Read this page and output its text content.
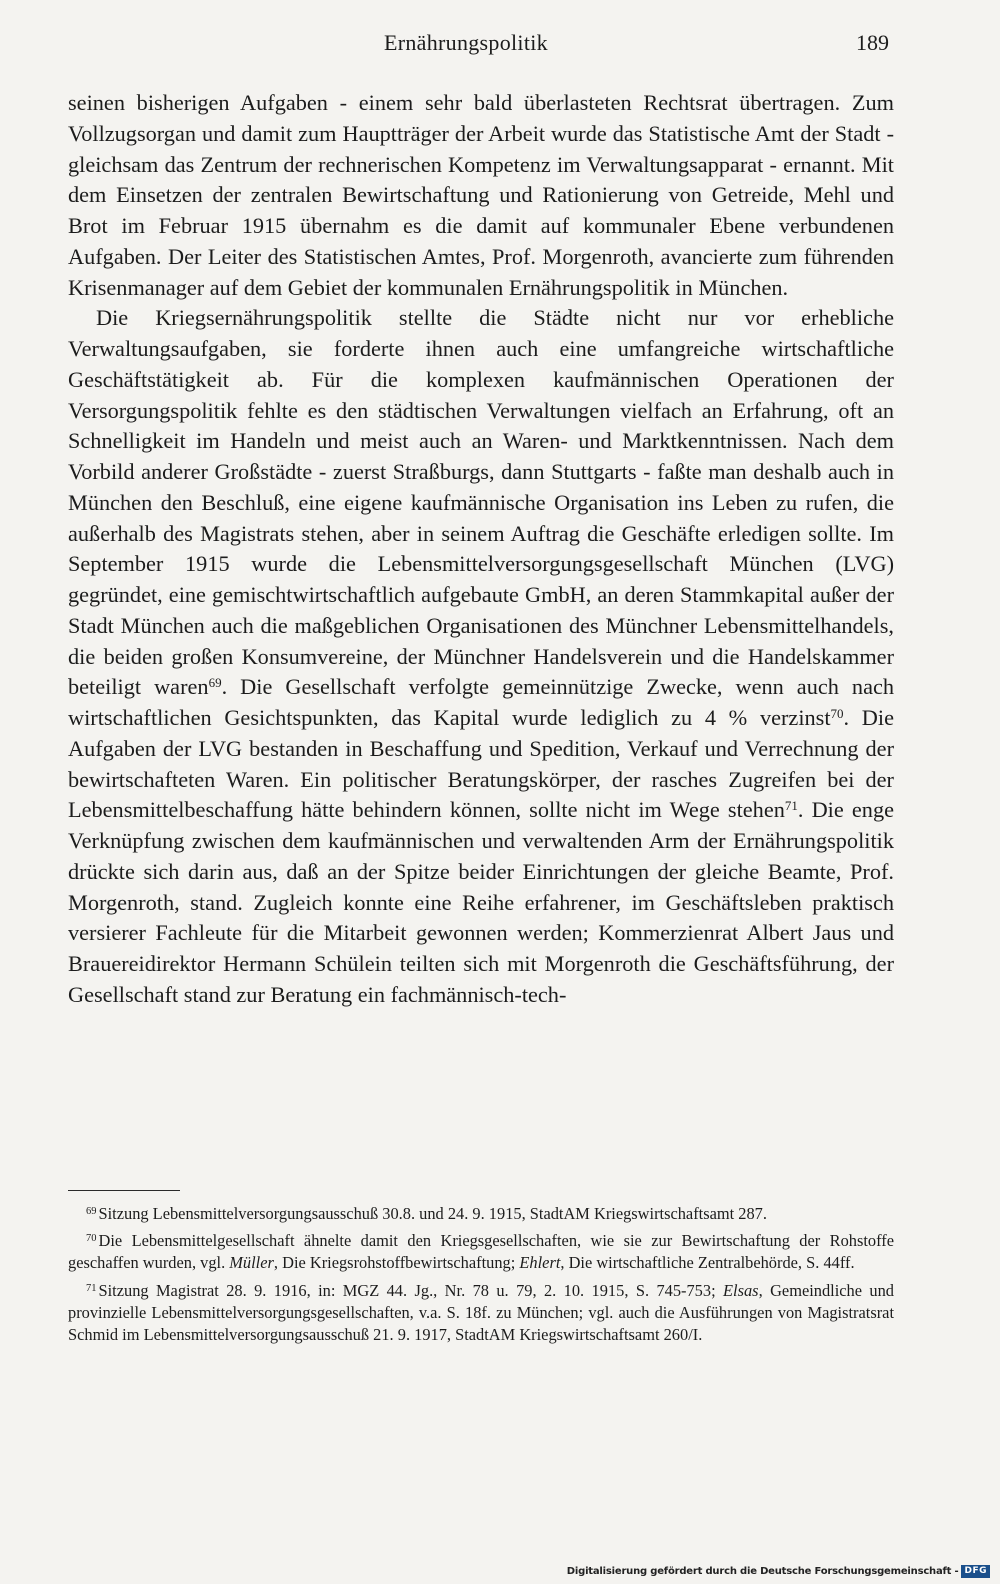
Ernährungspolitik	189

seinen bisherigen Aufgaben - einem sehr bald überlasteten Rechtsrat übertragen. Zum Vollzugsorgan und damit zum Hauptträger der Arbeit wurde das Statistische Amt der Stadt - gleichsam das Zentrum der rechnerischen Kompetenz im Verwaltungsapparat - ernannt. Mit dem Einsetzen der zentralen Bewirtschaftung und Rationierung von Getreide, Mehl und Brot im Februar 1915 übernahm es die damit auf kommunaler Ebene verbundenen Aufgaben. Der Leiter des Statistischen Amtes, Prof. Morgenroth, avancierte zum führenden Krisenmanager auf dem Gebiet der kommunalen Ernährungspolitik in München.

Die Kriegsernährungspolitik stellte die Städte nicht nur vor erhebliche Verwaltungsaufgaben, sie forderte ihnen auch eine umfangreiche wirtschaftliche Geschäftstätigkeit ab. Für die komplexen kaufmännischen Operationen der Versorgungspolitik fehlte es den städtischen Verwaltungen vielfach an Erfahrung, oft an Schnelligkeit im Handeln und meist auch an Waren- und Marktkenntnissen. Nach dem Vorbild anderer Großstädte - zuerst Straßburgs, dann Stuttgarts - faßte man deshalb auch in München den Beschluß, eine eigene kaufmännische Organisation ins Leben zu rufen, die außerhalb des Magistrats stehen, aber in seinem Auftrag die Geschäfte erledigen sollte. Im September 1915 wurde die Lebensmittelversorgungsgesellschaft München (LVG) gegründet, eine gemischtwirtschaftlich aufgebaute GmbH, an deren Stammkapital außer der Stadt München auch die maßgeblichen Organisationen des Münchner Lebensmittelhandels, die beiden großen Konsumvereine, der Münchner Handelsverein und die Handelskammer beteiligt waren$^{69}$. Die Gesellschaft verfolgte gemeinnützige Zwecke, wenn auch nach wirtschaftlichen Gesichtspunkten, das Kapital wurde lediglich zu 4 % verzinst$^{70}$. Die Aufgaben der LVG bestanden in Beschaffung und Spedition, Verkauf und Verrechnung der bewirtschafteten Waren. Ein politischer Beratungskörper, der rasches Zugreifen bei der Lebensmittelbeschaffung hätte behindern können, sollte nicht im Wege stehen$^{71}$. Die enge Verknüpfung zwischen dem kaufmännischen und verwaltenden Arm der Ernährungspolitik drückte sich darin aus, daß an der Spitze beider Einrichtungen der gleiche Beamte, Prof. Morgenroth, stand. Zugleich konnte eine Reihe erfahrener, im Geschäftsleben praktisch versierer Fachleute für die Mitarbeit gewonnen werden; Kommerzienrat Albert Jaus und Brauereidirektor Hermann Schülein teilten sich mit Morgenroth die Geschäftsführung, der Gesellschaft stand zur Beratung ein fachmännisch-tech-

$^{69}$ Sitzung Lebensmittelversorgungsausschuß 30.8. und 24. 9. 1915, StadtAM Kriegswirtschaftsamt 287.

$^{70}$ Die Lebensmittelgesellschaft ähnelte damit den Kriegsgesellschaften, wie sie zur Bewirtschaftung der Rohstoffe geschaffen wurden, vgl. Müller, Die Kriegsrohstoffbewirtschaftung; Ehlert, Die wirtschaftliche Zentralbehörde, S. 44ff.

$^{71}$ Sitzung Magistrat 28. 9. 1916, in: MGZ 44. Jg., Nr. 78 u. 79, 2. 10. 1915, S. 745-753; Elsas, Gemeindliche und provinzielle Lebensmittelversorgungsgesellschaften, v.a. S. 18f. zu München; vgl. auch die Ausführungen von Magistratsrat Schmid im Lebensmittelversorgungsausschuß 21. 9. 1917, StadtAM Kriegswirtschaftsamt 260/I.

Digitalisierung gefördert durch die Deutsche Forschungsgemeinschaft - DFG
